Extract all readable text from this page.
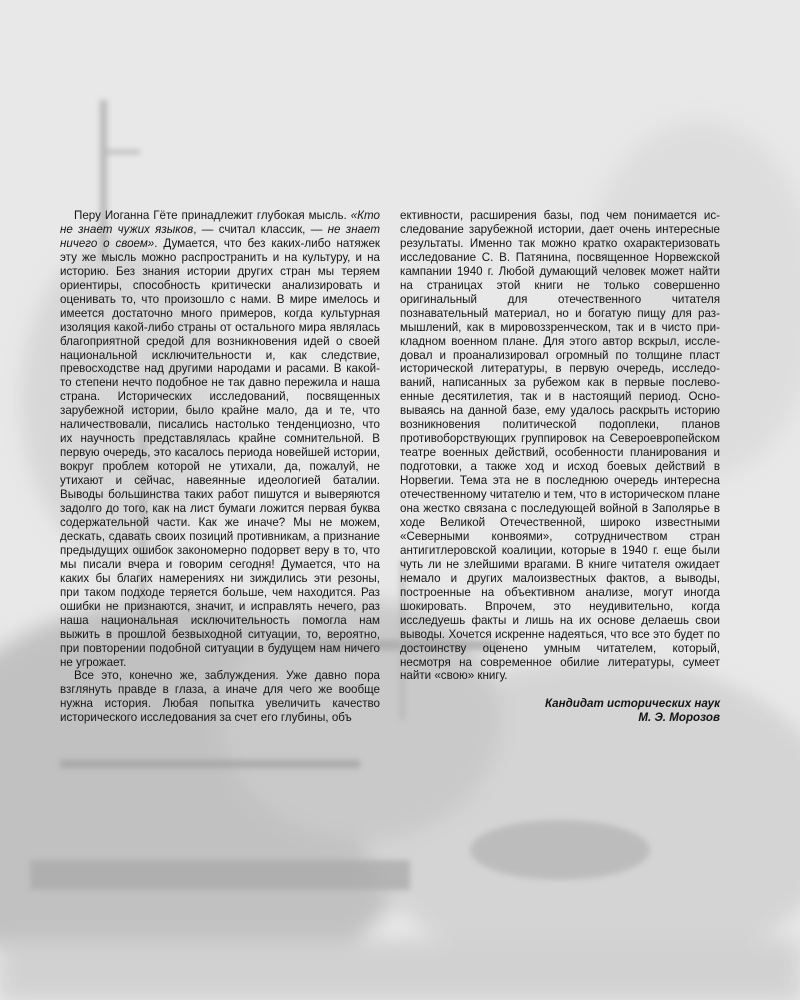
Перу Иоганна Гёте принадлежит глубокая мысль. «Кто не знает чужих языков, — считал классик, — не знает ничего о своем». Думается, что без каких-либо натяжек эту же мысль можно распространить и на культуру, и на историю. Без знания истории других стран мы теряем ориентиры, способность критически анализировать и оценивать то, что произошло с нами. В мире имелось и имеется достаточно много примеров, когда культурная изоляция какой-либо страны от остального мира являлась благоприятной средой для возникновения идей о своей национальной исключительности и, как следствие, превосходстве над другими народами и расами. В какой-то степени нечто подобное не так давно пережила и наша страна. Исторических исследований, посвященных зарубежной истории, было крайне мало, да и те, что наличествовали, писались настолько тенденциозно, что их научность представлялась крайне сомнительной. В первую очередь, это касалось периода новейшей истории, вокруг проблем которой не утихали, да, пожалуй, не утихают и сейчас, навеянные идеологией баталии. Выводы большинства таких работ пишутся и выверяются задолго до того, как на лист бумаги ложится первая буква содержательной части. Как же иначе? Мы не можем, дескать, сдавать своих позиций противникам, а признание предыдущих ошибок закономерно подорвет веру в то, что мы писали вчера и говорим сегодня! Думается, что на каких бы благих намерениях ни зиждились эти резоны, при таком подходе теряется больше, чем находится. Раз ошибки не признаются, значит, и исправлять нечего, раз наша национальная исключительность помогла нам выжить в прошлой безвыходной ситуации, то, вероятно, при повторении подобной ситуации в будущем нам ничего не угрожает.

Все это, конечно же, заблуждения. Уже давно пора взглянуть правде в глаза, а иначе для чего же вообще нужна история. Любая попытка увеличить качество исторического исследования за счет его глубины, объ

ективности, расширения базы, под чем понимается исследование зарубежной истории, дает очень интересные результаты. Именно так можно кратко охарактеризовать исследование С. В. Патянина, посвященное Норвежской кампании 1940 г. Любой думающий человек может найти на страницах этой книги не только совершенно оригинальный для отечественного читателя познавательный материал, но и богатую пищу для размышлений, как в мировоззренческом, так и в чисто прикладном военном плане. Для этого автор вскрыл, исследовал и проанализировал огромный по толщине пласт исторической литературы, в первую очередь, исследований, написанных за рубежом как в первые послевоенные десятилетия, так и в настоящий период. Основываясь на данной базе, ему удалось раскрыть историю возникновения политической подоплеки, планов противоборствующих группировок на Североевропейском театре военных действий, особенности планирования и подготовки, а также ход и исход боевых действий в Норвегии. Тема эта не в последнюю очередь интересна отечественному читателю и тем, что в историческом плане она жестко связана с последующей войной в Заполярье в ходе Великой Отечественной, широко известными «Северными конвоями», сотрудничеством стран антигитлеровской коалиции, которые в 1940 г. еще были чуть ли не злейшими врагами. В книге читателя ожидает немало и других малоизвестных фактов, а выводы, построенные на объективном анализе, могут иногда шокировать. Впрочем, это неудивительно, когда исследуешь факты и лишь на их основе делаешь свои выводы. Хочется искренне надеяться, что все это будет по достоинству оценено умным читателем, который, несмотря на современное обилие литературы, сумеет найти «свою» книгу.

Кандидат исторических наук
М. Э. Морозов
